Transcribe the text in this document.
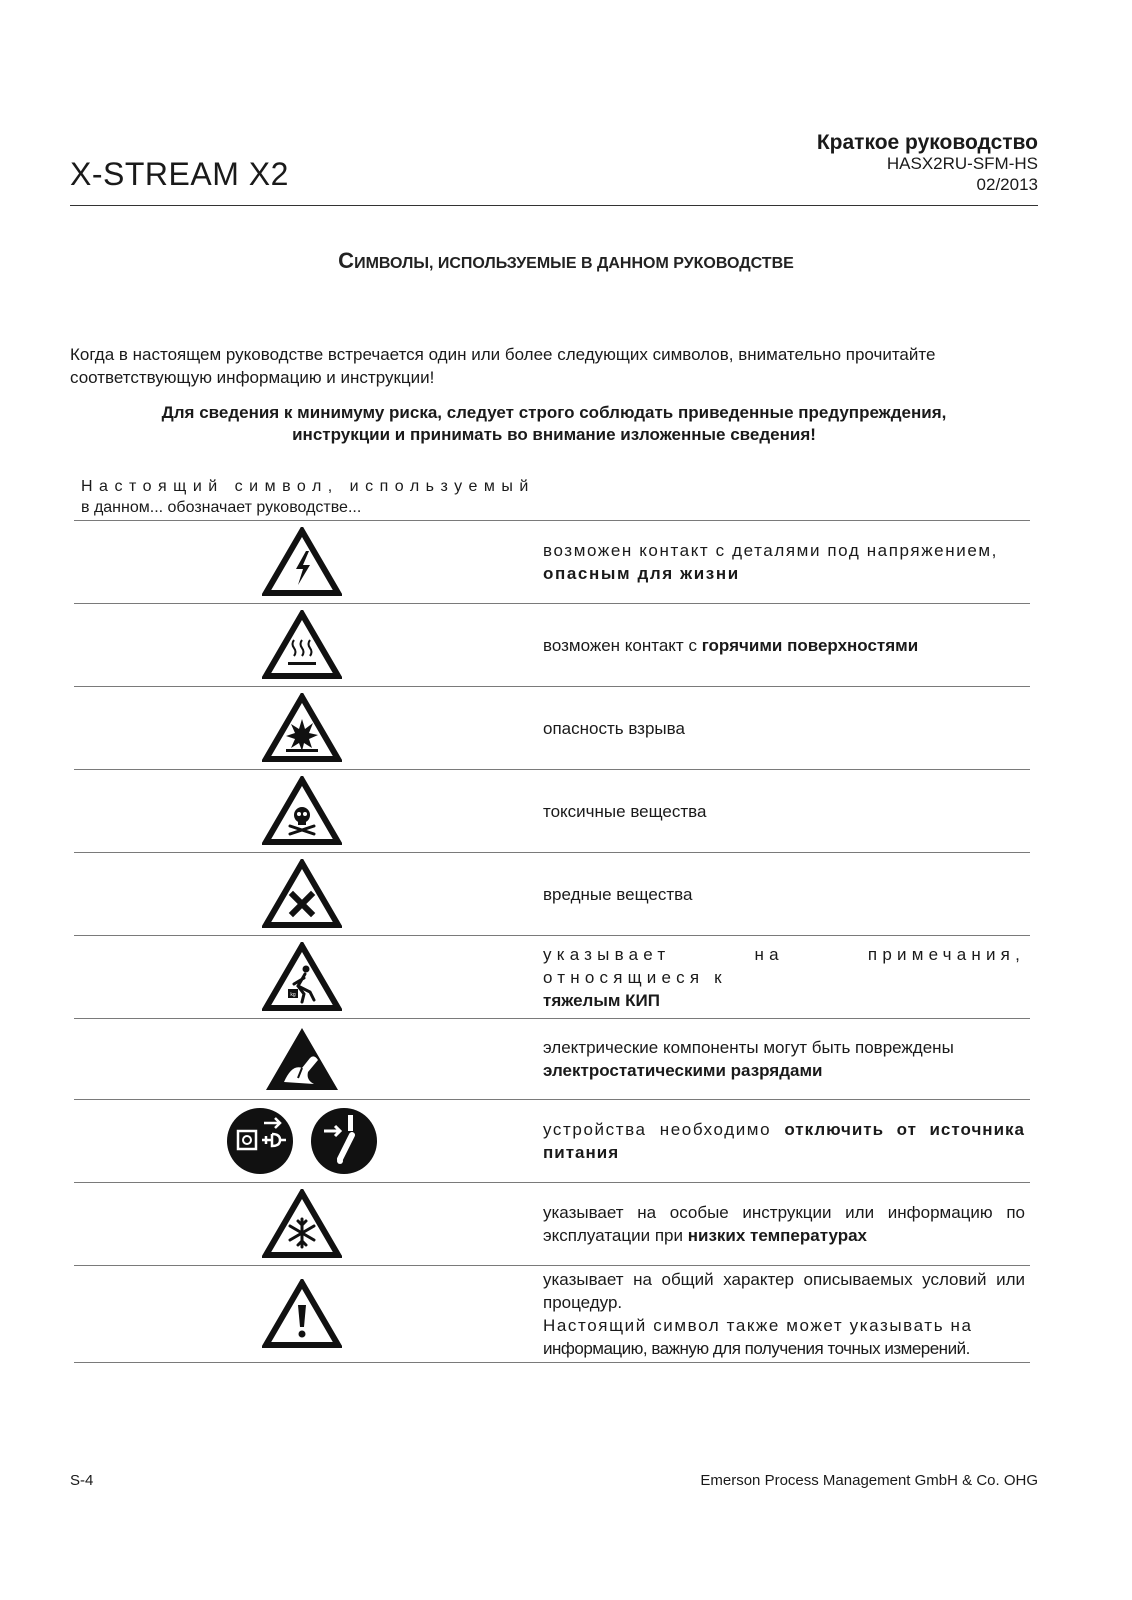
X-STREAM X2
Краткое руководство
HASX2RU-SFM-HS
02/2013
СИМВОЛЫ, ИСПОЛЬЗУЕМЫЕ В ДАННОМ РУКОВОДСТВЕ
Когда в настоящем руководстве встречается один или более следующих символов, внимательно прочитайте соответствующую информацию и инструкции!
Для сведения к минимуму риска, следует строго соблюдать приведенные предупреждения,
инструкции и принимать во внимание изложенные сведения!
Настоящий символ, используемый
в данном... обозначает руководстве...
возможен контакт с деталями под напряжением,
опасным для жизни
возможен контакт с горячими поверхностями
опасность взрыва
токсичные вещества
вредные вещества
kg
указывает на примечания, относящиеся к
тяжелым КИП
электрические компоненты могут быть повреждены
электростатическими разрядами
устройства необходимо отключить от источника питания
указывает на особые инструкции или информацию по эксплуатации при низких температурах
указывает на общий характер описываемых условий или процедур.
Настоящий символ также может указывать на
информацию, важную для получения точных измерений.
S-4	Emerson Process Management GmbH & Co. OHG
